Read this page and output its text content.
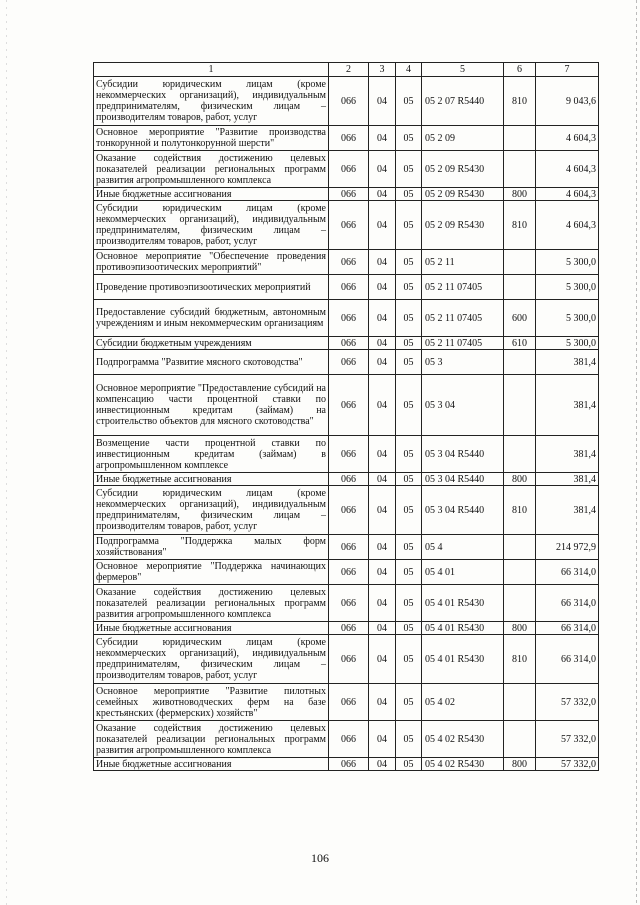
1	2	3	4	5	6	7
Субсидии юридическим лицам (кроме некоммерческих организаций), индивидуальным предпринимателям, физическим лицам – производителям товаров, работ, услуг	066	04	05	05 2 07 R5440	810	9 043,6
Основное мероприятие "Развитие производства тонкорунной и полутонкорунной шерсти"	066	04	05	05 2 09		4 604,3
Оказание содействия достижению целевых показателей реализации региональных программ развития агропромышленного комплекса	066	04	05	05 2 09 R5430		4 604,3
Иные бюджетные ассигнования	066	04	05	05 2 09 R5430	800	4 604,3
Субсидии юридическим лицам (кроме некоммерческих организаций), индивидуальным предпринимателям, физическим лицам – производителям товаров, работ, услуг	066	04	05	05 2 09 R5430	810	4 604,3
Основное мероприятие "Обеспечение проведения противоэпизоотических мероприятий"	066	04	05	05 2 11		5 300,0
Проведение противоэпизоотических мероприятий	066	04	05	05 2 11 07405		5 300,0
Предоставление субсидий бюджетным, автономным учреждениям и иным некоммерческим организациям	066	04	05	05 2 11 07405	600	5 300,0
Субсидии бюджетным учреждениям	066	04	05	05 2 11 07405	610	5 300,0
Подпрограмма "Развитие мясного скотоводства"	066	04	05	05 3		381,4
Основное мероприятие "Предоставление субсидий на компенсацию части процентной ставки по инвестиционным кредитам (займам) на строительство объектов для мясного скотоводства"	066	04	05	05 3 04		381,4
Возмещение части процентной ставки по инвестиционным кредитам (займам) в агропромышленном комплексе	066	04	05	05 3 04 R5440		381,4
Иные бюджетные ассигнования	066	04	05	05 3 04 R5440	800	381,4
Субсидии юридическим лицам (кроме некоммерческих организаций), индивидуальным предпринимателям, физическим лицам – производителям товаров, работ, услуг	066	04	05	05 3 04 R5440	810	381,4
Подпрограмма "Поддержка малых форм хозяйствования"	066	04	05	05 4		214 972,9
Основное мероприятие "Поддержка начинающих фермеров"	066	04	05	05 4 01		66 314,0
Оказание содействия достижению целевых показателей реализации региональных программ развития агропромышленного комплекса	066	04	05	05 4 01 R5430		66 314,0
Иные бюджетные ассигнования	066	04	05	05 4 01 R5430	800	66 314,0
Субсидии юридическим лицам (кроме некоммерческих организаций), индивидуальным предпринимателям, физическим лицам – производителям товаров, работ, услуг	066	04	05	05 4 01 R5430	810	66 314,0
Основное мероприятие "Развитие пилотных семейных животноводческих ферм на базе крестьянских (фермерских) хозяйств"	066	04	05	05 4 02		57 332,0
Оказание содействия достижению целевых показателей реализации региональных программ развития агропромышленного комплекса	066	04	05	05 4 02 R5430		57 332,0
Иные бюджетные ассигнования	066	04	05	05 4 02 R5430	800	57 332,0
106
